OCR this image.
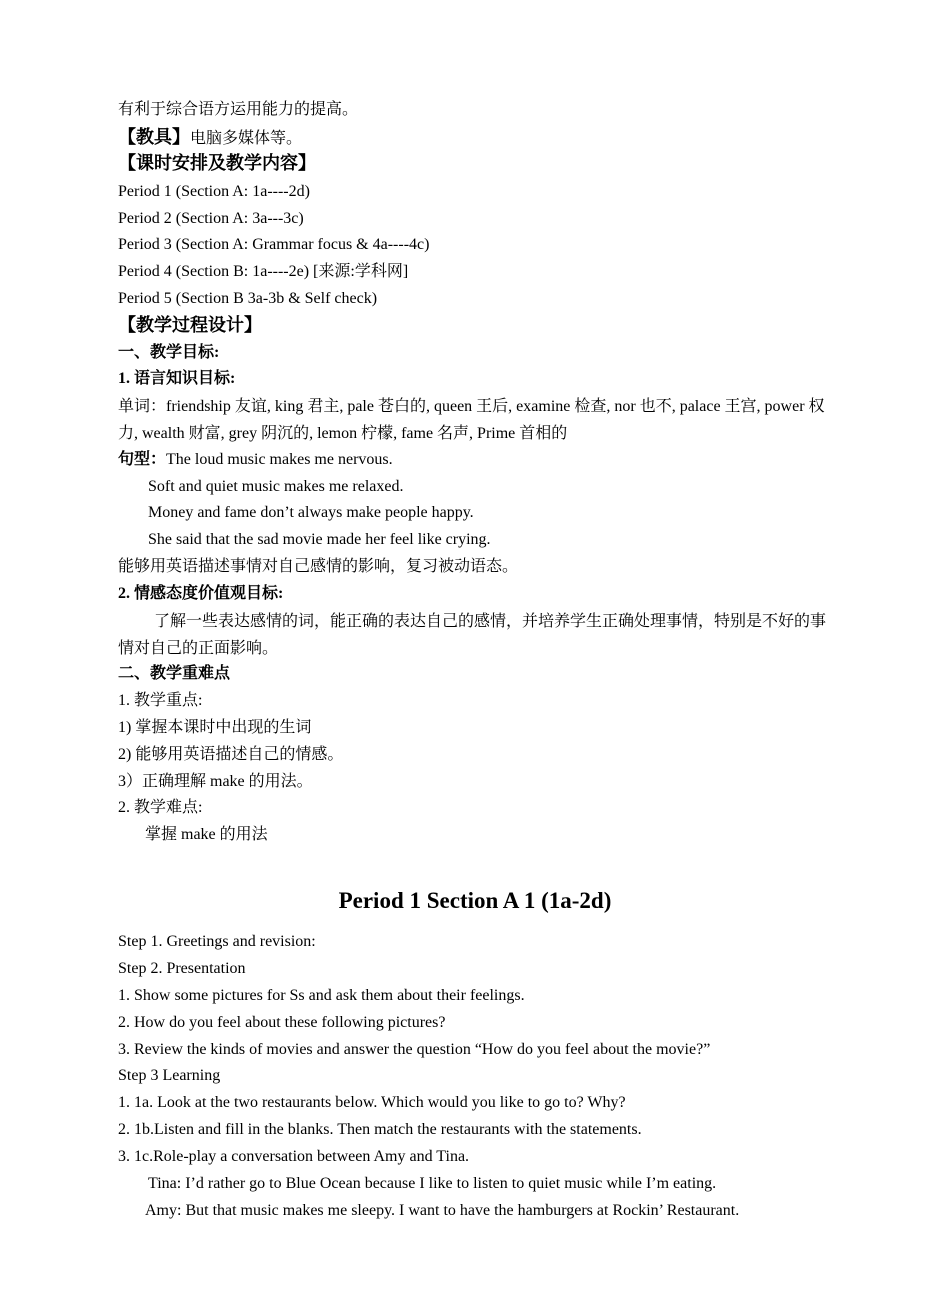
有利于综合语方运用能力的提高。
【教具】电脑多媒体等。
【课时安排及教学内容】
Period 1 (Section A: 1a----2d)
Period 2 (Section A: 3a---3c)
Period 3 (Section A: Grammar focus & 4a----4c)
Period 4 (Section B: 1a----2e) [来源:学科网]
Period 5 (Section B 3a-3b & Self check)
【教学过程设计】
一、教学目标:
1. 语言知识目标:
单词：friendship 友谊, king 君主, pale 苍白的, queen 王后, examine 检查, nor 也不, palace 王宫, power 权力, wealth 财富, grey 阴沉的, lemon 柠檬, fame 名声, Prime 首相的
句型：The loud music makes me nervous.
Soft and quiet music makes me relaxed.
Money and fame don’t always make people happy.
She said that the sad movie made her feel like crying.
能够用英语描述事情对自己感情的影响，复习被动语态。
2. 情感态度价值观目标:
了解一些表达感情的词，能正确的表达自己的感情，并培养学生正确处理事情，特别是不好的事情对自己的正面影响。
二、教学重难点
1. 教学重点:
1) 掌握本课时中出现的生词
2) 能够用英语描述自己的情感。
3）正确理解 make 的用法。
2. 教学难点:
掌握 make 的用法
Period 1 Section A 1 (1a-2d)
Step 1. Greetings and revision:
Step 2. Presentation
1. Show some pictures for Ss and ask them about their feelings.
2. How do you feel about these following pictures?
3. Review the kinds of movies and answer the question “How do you feel about the movie?”
Step 3 Learning
1. 1a. Look at the two restaurants below. Which would you like to go to? Why?
2. 1b.Listen and fill in the blanks. Then match the restaurants with the statements.
3. 1c.Role-play a conversation between Amy and Tina.
Tina: I’d rather go to Blue Ocean because I like to listen to quiet music while I’m eating.
Amy: But that music makes me sleepy. I want to have the hamburgers at Rockin’ Restaurant.
